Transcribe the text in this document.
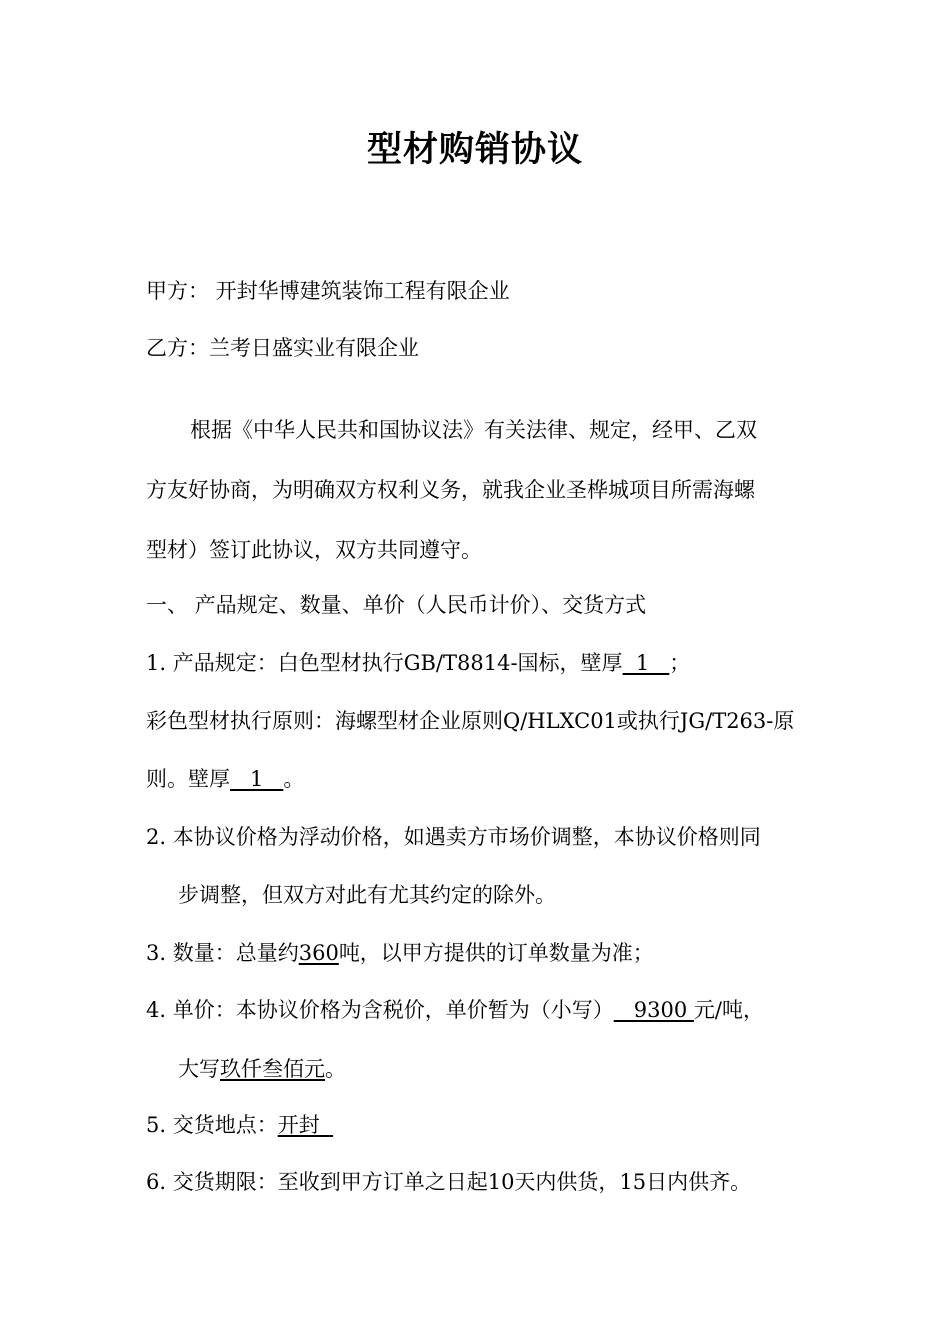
型材购销协议
甲方： 开封华博建筑装饰工程有限企业
乙方：兰考日盛实业有限企业
根据《中华人民共和国协议法》有关法律、规定，经甲、乙双
方友好协商，为明确双方权利义务，就我企业圣桦城项目所需海螺
型材）签订此协议，双方共同遵守。
一、 产品规定、数量、单价（人民币计价）、交货方式
1. 产品规定：白色型材执行GB/T8814-国标，壁厚  1   ；
彩色型材执行原则：海螺型材企业原则Q/HLXC01或执行JG/T263-原
则。壁厚   1   。
2. 本协议价格为浮动价格，如遇卖方市场价调整，本协议价格则同
步调整，但双方对此有尤其约定的除外。
3. 数量：总量约360吨，以甲方提供的订单数量为准；
4. 单价：本协议价格为含税价，单价暂为（小写）   9300 元/吨，
大写玖仟叁佰元。
5. 交货地点：开封
6. 交货期限：至收到甲方订单之日起10天内供货，15日内供齐。
